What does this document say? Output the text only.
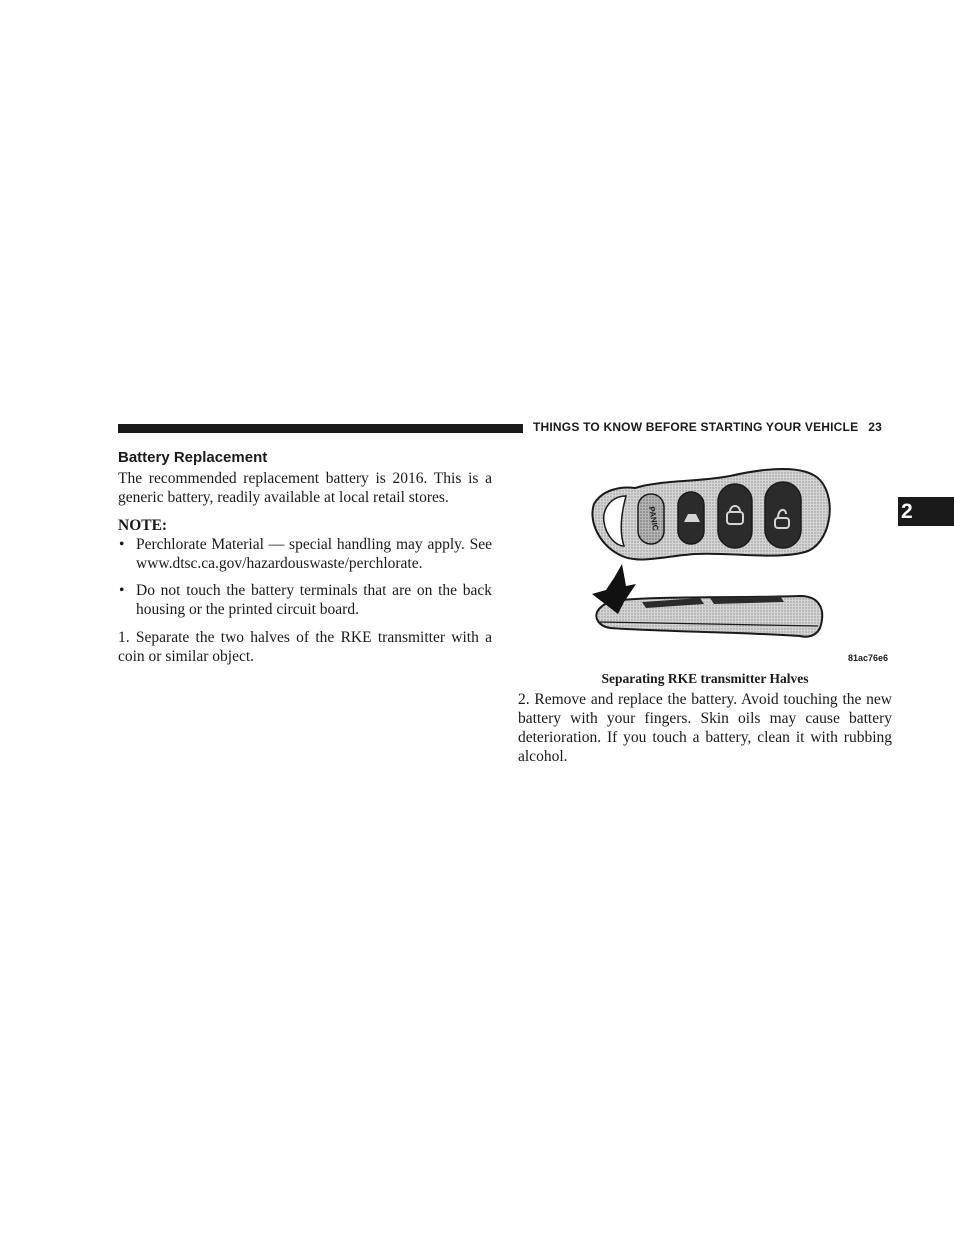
THINGS TO KNOW BEFORE STARTING YOUR VEHICLE 23
2
Battery Replacement

The recommended replacement battery is 2016. This is a generic battery, readily available at local retail stores.

NOTE:
• Perchlorate Material — special handling may apply. See www.dtsc.ca.gov/hazardouswaste/perchlorate.
• Do not touch the battery terminals that are on the back housing or the printed circuit board.

1. Separate the two halves of the RKE transmitter with a coin or similar object.

PANIC
81ac76e6
Separating RKE transmitter Halves

2. Remove and replace the battery. Avoid touching the new battery with your fingers. Skin oils may cause battery deterioration. If you touch a battery, clean it with rubbing alcohol.
